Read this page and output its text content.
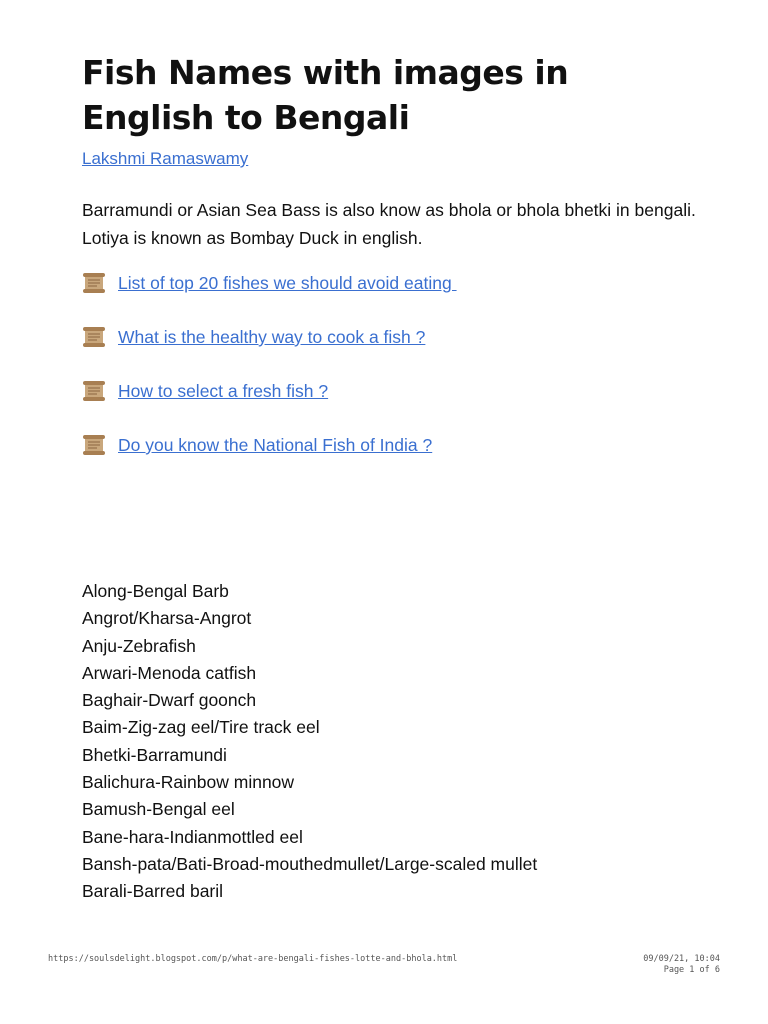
Fish Names with images in English to Bengali
Lakshmi Ramaswamy
Barramundi or Asian Sea Bass is also know as bhola or bhola bhetki in bengali. Lotiya is known as Bombay Duck in english.
List of top 20 fishes we should avoid eating
What is the healthy way to cook a fish ?
How to select a fresh fish ?
Do you know the National Fish of India ?
Along-Bengal Barb
Angrot/Kharsa-Angrot
Anju-Zebrafish
Arwari-Menoda catfish
Baghair-Dwarf goonch
Baim-Zig-zag eel/Tire track eel
Bhetki-Barramundi
Balichura-Rainbow minnow
Bamush-Bengal eel
Bane-hara-Indianmottled eel
Bansh-pata/Bati-Broad-mouthedmullet/Large-scaled mullet
Barali-Barred baril
https://soulsdelight.blogspot.com/p/what-are-bengali-fishes-lotte-and-bhola.html	09/09/21, 10:04
Page 1 of 6
